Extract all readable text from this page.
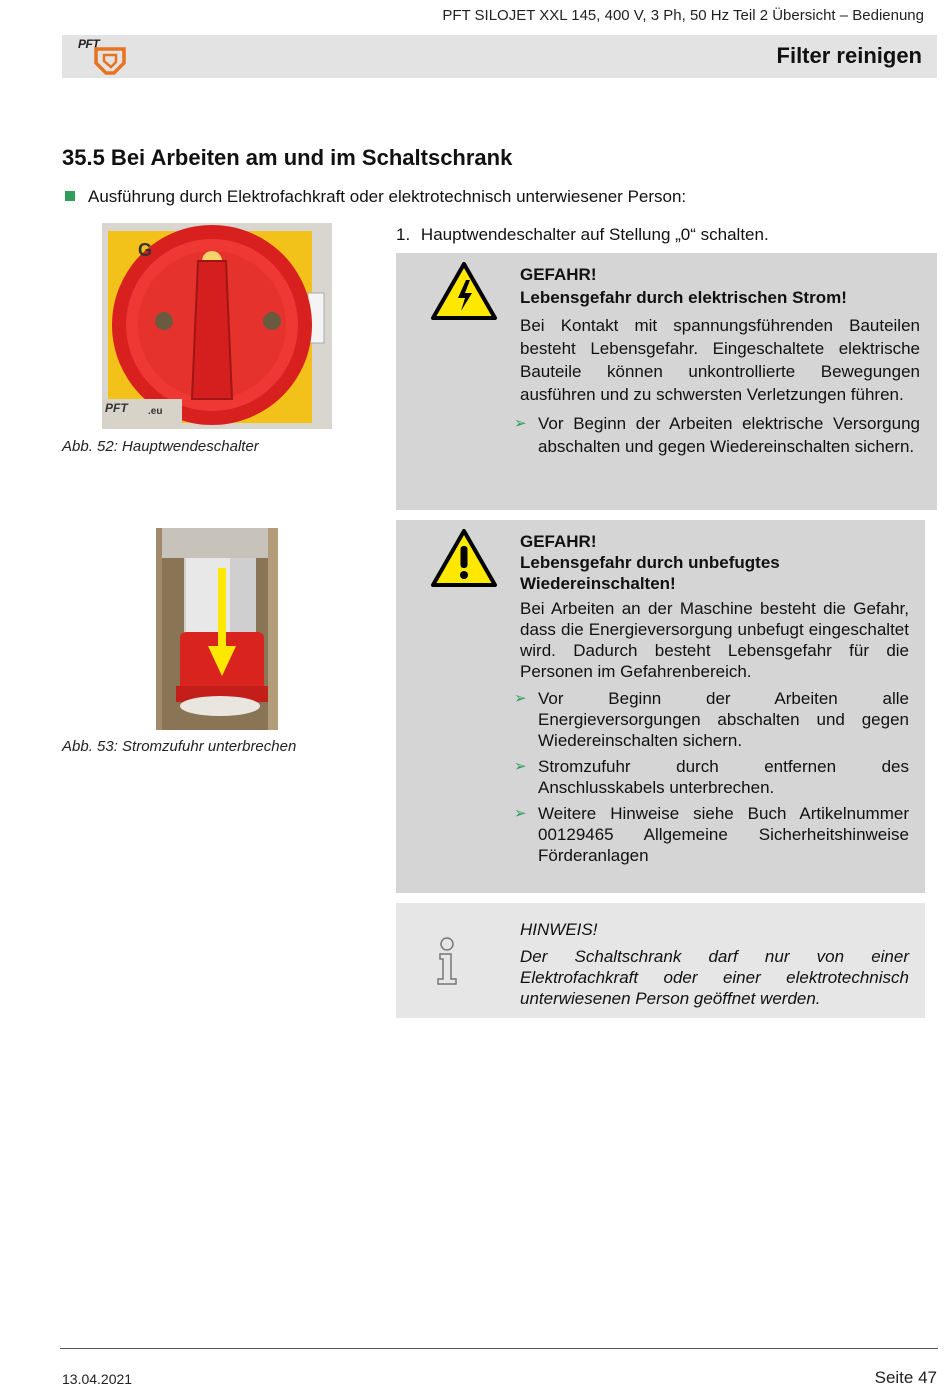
PFT SILOJET XXL 145, 400 V, 3 Ph, 50 Hz Teil 2 Übersicht – Bedienung
PFT	Filter reinigen
35.5 Bei Arbeiten am und im Schaltschrank
Ausführung durch Elektrofachkraft oder elektrotechnisch unterwiesener Person:
G
PFT .eu
Abb. 52: Hauptwendeschalter
1. Hauptwendeschalter auf Stellung „0“ schalten.
GEFAHR!
Lebensgefahr durch elektrischen Strom!
Bei Kontakt mit spannungsführenden Bauteilen besteht Lebensgefahr. Eingeschaltete elektrische Bauteile können unkontrollierte Bewegungen ausführen und zu schwersten Verletzungen führen.
➢ Vor Beginn der Arbeiten elektrische Versorgung abschalten und gegen Wiedereinschalten sichern.
Abb. 53: Stromzufuhr unterbrechen
GEFAHR!
Lebensgefahr durch unbefugtes Wiedereinschalten!
Bei Arbeiten an der Maschine besteht die Gefahr, dass die Energieversorgung unbefugt eingeschaltet wird. Dadurch besteht Lebensgefahr für die Personen im Gefahrenbereich.
➢ Vor Beginn der Arbeiten alle Energieversorgungen abschalten und gegen Wiedereinschalten sichern.
➢ Stromzufuhr durch entfernen des Anschlusskabels unterbrechen.
➢ Weitere Hinweise siehe Buch Artikelnummer 00129465 Allgemeine Sicherheitshinweise Förderanlagen
HINWEIS!
Der Schaltschrank darf nur von einer Elektrofachkraft oder einer elektrotechnisch unterwiesenen Person geöffnet werden.
13.04.2021	Seite 47
